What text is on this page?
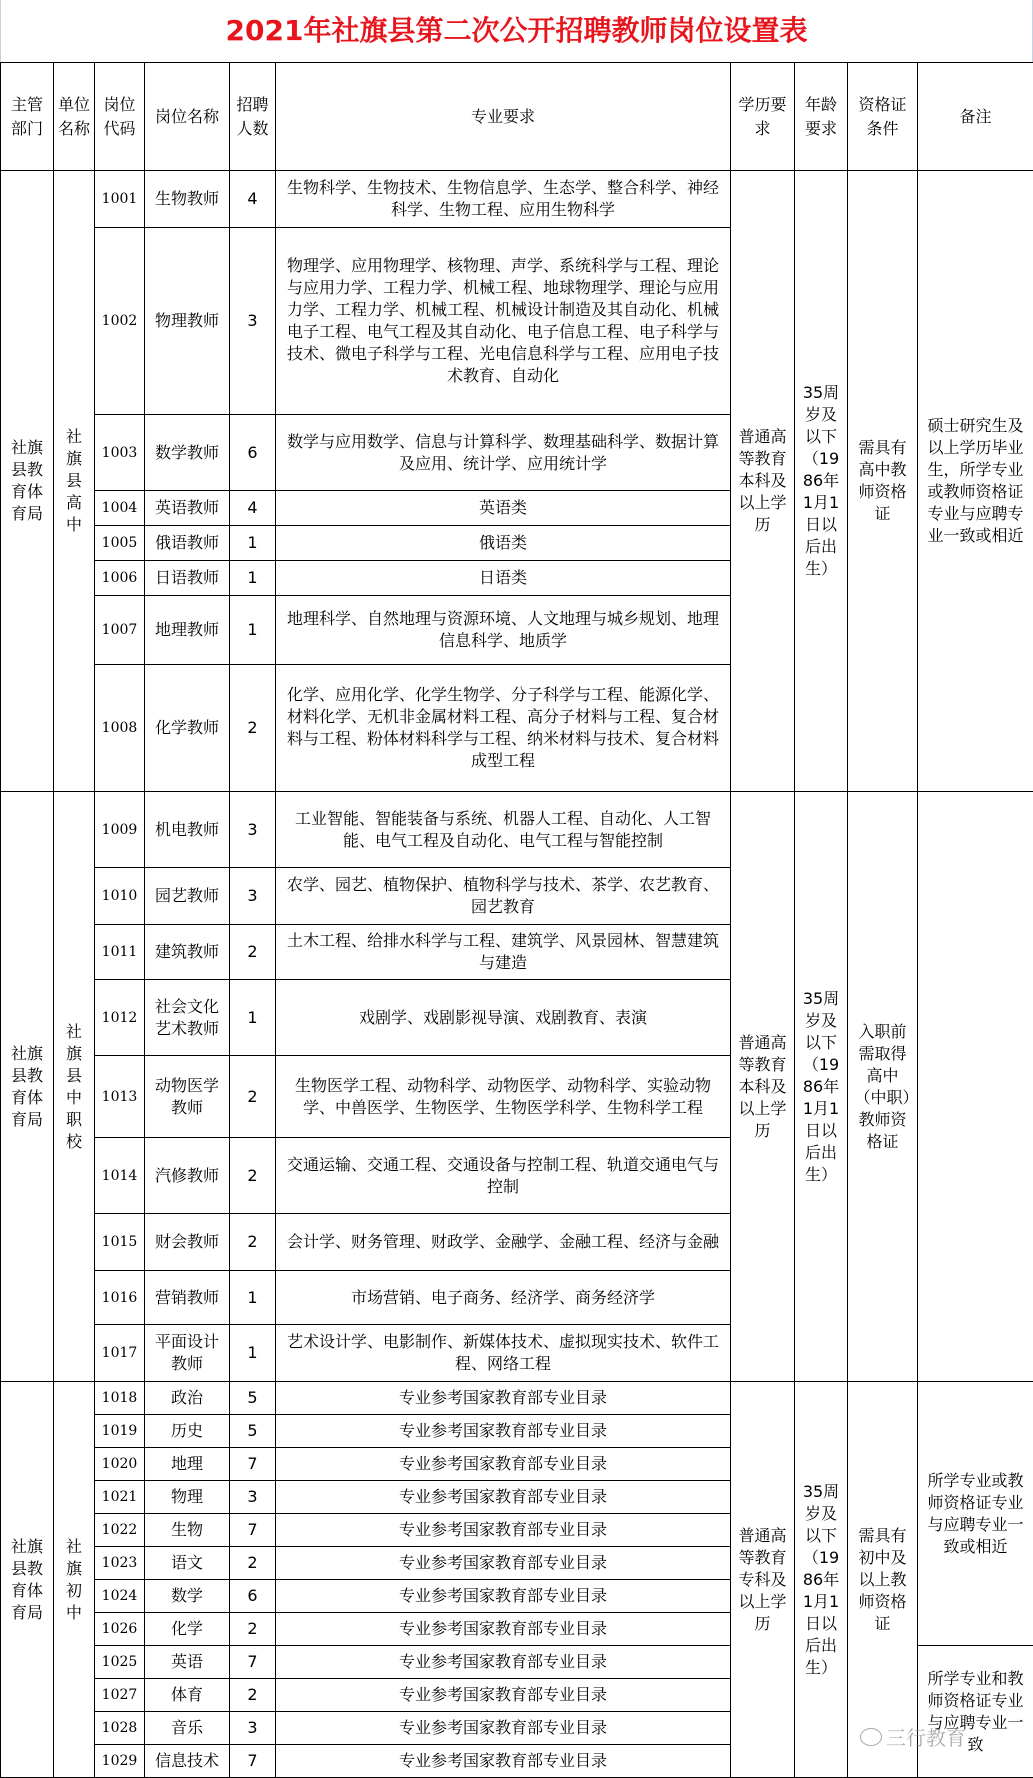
2021年社旗县第二次公开招聘教师岗位设置表
主管部门	单位名称	岗位代码	岗位名称	招聘人数	专业要求	学历要求	年龄要求	资格证条件	备注
社旗县教育体育局	社旗县高中	1001	生物教师	4	生物科学、生物技术、生物信息学、生态学、整合科学、神经科学、生物工程、应用生物科学	普通高等教育本科及以上学历	35周岁及以下（1986年1月1日以后出生）	需具有高中教师资格证	硕士研究生及以上学历毕业生，所学专业或教师资格证专业与应聘专业一致或相近
		1002	物理教师	3	物理学、应用物理学、核物理、声学、系统科学与工程、理论与应用力学、工程力学、机械工程、地球物理学、理论与应用力学、工程力学、机械工程、机械设计制造及其自动化、机械电子工程、电气工程及其自动化、电子信息工程、电子科学与技术、微电子科学与工程、光电信息科学与工程、应用电子技术教育、自动化				
		1003	数学教师	6	数学与应用数学、信息与计算科学、数理基础科学、数据计算及应用、统计学、应用统计学				
		1004	英语教师	4	英语类				
		1005	俄语教师	1	俄语类				
		1006	日语教师	1	日语类				
		1007	地理教师	1	地理科学、自然地理与资源环境、人文地理与城乡规划、地理信息科学、地质学				
		1008	化学教师	2	化学、应用化学、化学生物学、分子科学与工程、能源化学、材料化学、无机非金属材料工程、高分子材料与工程、复合材料与工程、粉体材料科学与工程、纳米材料与技术、复合材料成型工程				
社旗县教育体育局	社旗县中职校	1009	机电教师	3	工业智能、智能装备与系统、机器人工程、自动化、人工智能、电气工程及自动化、电气工程与智能控制	普通高等教育本科及以上学历	35周岁及以下（1986年1月1日以后出生）	入职前需取得高中（中职）教师资格证	
		1010	园艺教师	3	农学、园艺、植物保护、植物科学与技术、茶学、农艺教育、园艺教育				
		1011	建筑教师	2	土木工程、给排水科学与工程、建筑学、风景园林、智慧建筑与建造				
		1012	社会文化艺术教师	1	戏剧学、戏剧影视导演、戏剧教育、表演				
		1013	动物医学教师	2	生物医学工程、动物科学、动物医学、动物科学、实验动物学、中兽医学、生物医学、生物医学科学、生物科学工程				
		1014	汽修教师	2	交通运输、交通工程、交通设备与控制工程、轨道交通电气与控制				
		1015	财会教师	2	会计学、财务管理、财政学、金融学、金融工程、经济与金融				
		1016	营销教师	1	市场营销、电子商务、经济学、商务经济学				
		1017	平面设计教师	1	艺术设计学、电影制作、新媒体技术、虚拟现实技术、软件工程、网络工程				
社旗县教育体育局	社旗初中	1018	政治	5	专业参考国家教育部专业目录	普通高等教育专科及以上学历	35周岁及以下（1986年1月1日以后出生）	需具有初中及以上教师资格证	所学专业或教师资格证专业与应聘专业一致或相近
		1019	历史	5	专业参考国家教育部专业目录				
		1020	地理	7	专业参考国家教育部专业目录				
		1021	物理	3	专业参考国家教育部专业目录				
		1022	生物	7	专业参考国家教育部专业目录				
		1023	语文	2	专业参考国家教育部专业目录				
		1024	数学	6	专业参考国家教育部专业目录				
		1026	化学	2	专业参考国家教育部专业目录				
		1025	英语	7	专业参考国家教育部专业目录				所学专业和教师资格证专业与应聘专业一致
		1027	体育	2	专业参考国家教育部专业目录				
		1028	音乐	3	专业参考国家教育部专业目录				
		1029	信息技术	7	专业参考国家教育部专业目录				
三行教育
